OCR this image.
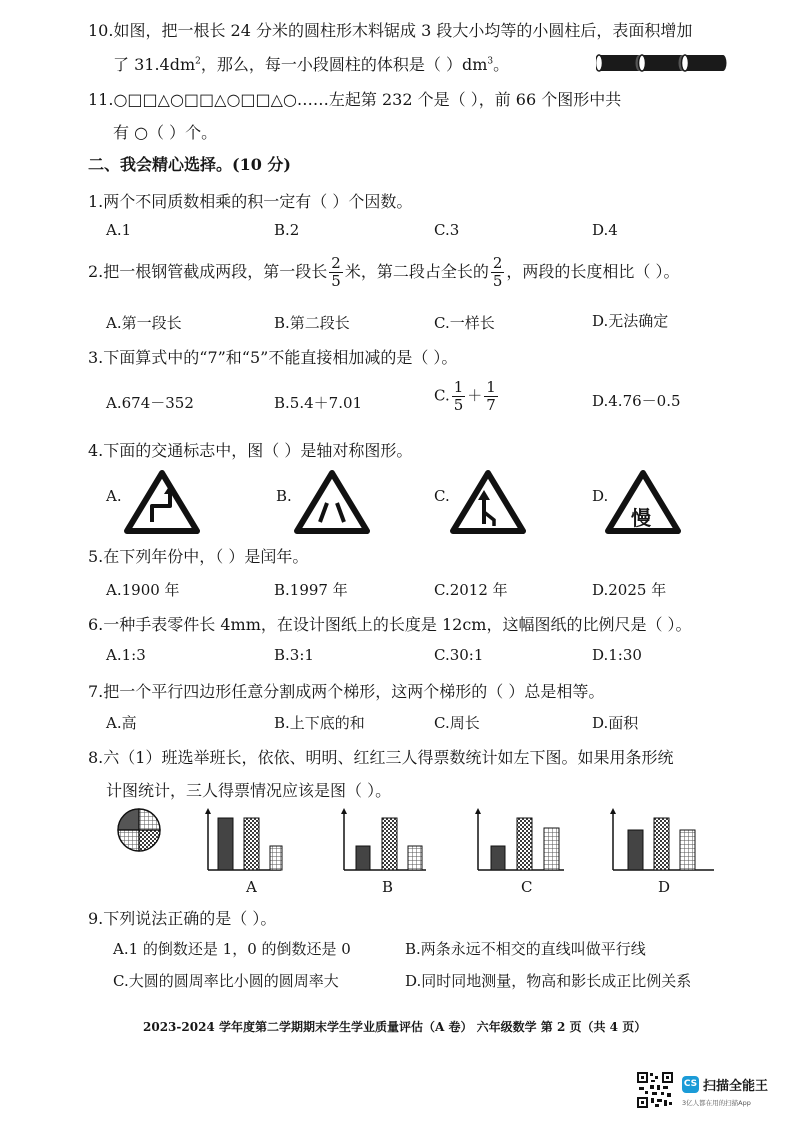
10.如图，把一根长 24 分米的圆柱形木料锯成 3 段大小均等的小圆柱后，表面积增加
了 $31.4dm^2$，那么，每一小段圆柱的体积是（ ）$dm^3$。
11.○□□△○□□△○□□△○……左起第 232 个是（ ），前 66 个图形中共
有 ○（ ）个。
二、我会精心选择。(10 分)
1.两个不同质数相乘的积一定有（ ）个因数。
A.1	B.2	C.3	D.4
2.把一根钢管截成两段，第一段长 $\frac{2}{5}$ 米，第二段占全长的 $\frac{2}{5}$ ，两段的长度相比（ ）。
A.第一段长	B.第二段长	C.一样长	D.无法确定
3.下面算式中的“7”和“5”不能直接相加减的是（ ）。
A.674－352	B.5.4＋7.01	C. $\frac{1}{5} + \frac{1}{7}$	D.4.76－0.5
4.下面的交通标志中，图（ ）是轴对称图形。
A.	B.	C.	D.
慢
5.在下列年份中，（ ）是闰年。
A.1900 年	B.1997 年	C.2012 年	D.2025 年
6.一种手表零件长 4mm，在设计图纸上的长度是 12cm，这幅图纸的比例尺是（ ）。
A.1:3	B.3:1	C.30:1	D.1:30
7.把一个平行四边形任意分割成两个梯形，这两个梯形的（ ）总是相等。
A.高	B.上下底的和	C.周长	D.面积
8.六（1）班选举班长，依依、明明、红红三人得票数统计如左下图。如果用条形统
计图统计，三人得票情况应该是图（ ）。
A	B	C	D
9.下列说法正确的是（ ）。
A.1 的倒数还是 1，0 的倒数还是 0	B.两条永远不相交的直线叫做平行线
C.大圆的圆周率比小圆的圆周率大	D.同时同地测量，物高和影长成正比例关系
2023-2024 学年度第二学期期末学生学业质量评估（A 卷） 六年级数学 第 2 页（共 4 页）
CS 扫描全能王
3亿人都在用的扫描App
